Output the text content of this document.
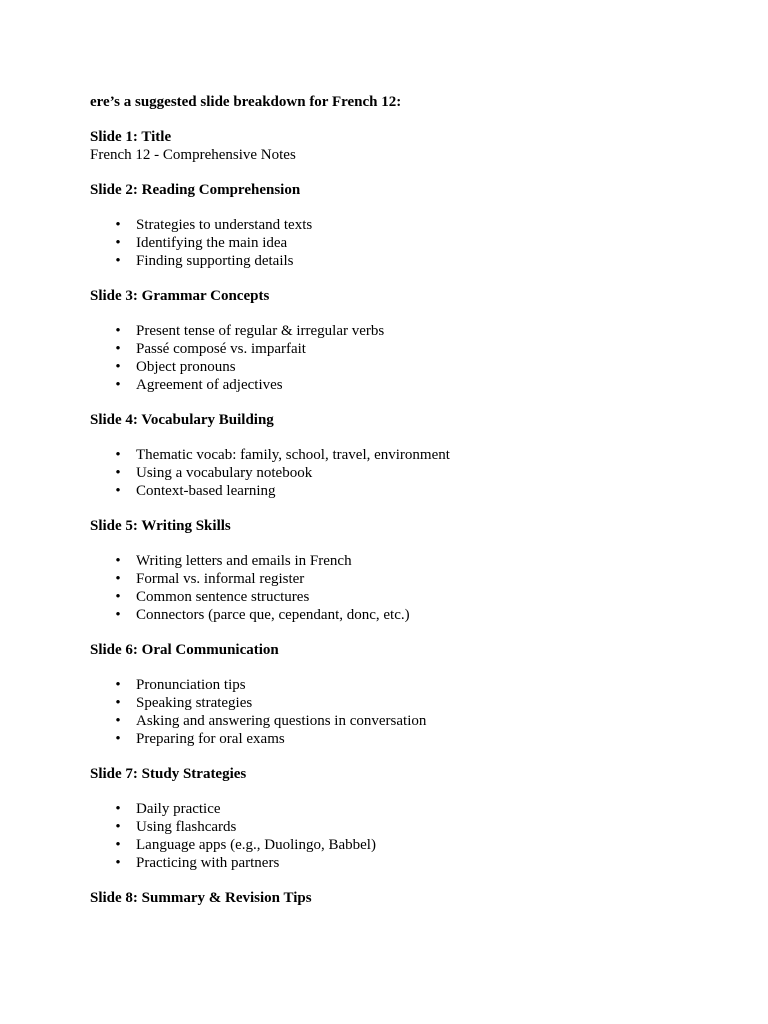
ere’s a suggested slide breakdown for French 12:

Slide 1: Title

French 12 - Comprehensive Notes

Slide 2: Reading Comprehension

• Strategies to understand texts
• Identifying the main idea
• Finding supporting details

Slide 3: Grammar Concepts

• Present tense of regular & irregular verbs
• Passé composé vs. imparfait
• Object pronouns
• Agreement of adjectives

Slide 4: Vocabulary Building

• Thematic vocab: family, school, travel, environment
• Using a vocabulary notebook
• Context-based learning

Slide 5: Writing Skills

• Writing letters and emails in French
• Formal vs. informal register
• Common sentence structures
• Connectors (parce que, cependant, donc, etc.)

Slide 6: Oral Communication

• Pronunciation tips
• Speaking strategies
• Asking and answering questions in conversation
• Preparing for oral exams

Slide 7: Study Strategies

• Daily practice
• Using flashcards
• Language apps (e.g., Duolingo, Babbel)
• Practicing with partners

Slide 8: Summary & Revision Tips
